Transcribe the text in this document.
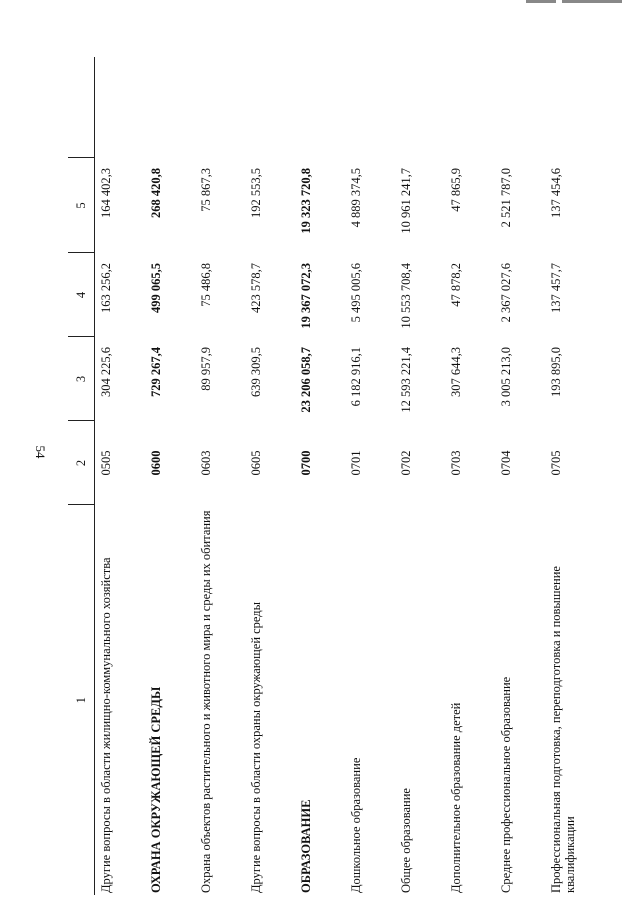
54
1	2	3	4	5	
Другие вопросы в области жилищно-коммунального хозяйства	0505	304 225,6	163 256,2	164 402,3	
ОХРАНА ОКРУЖАЮЩЕЙ СРЕДЫ	0600	729 267,4	499 065,5	268 420,8	
Охрана объектов растительного и животного мира и среды их обитания	0603	89 957,9	75 486,8	75 867,3	
Другие вопросы в области охраны окружающей среды	0605	639 309,5	423 578,7	192 553,5	
ОБРАЗОВАНИЕ	0700	23 206 058,7	19 367 072,3	19 323 720,8	
Дошкольное образование	0701	6 182 916,1	5 495 005,6	4 889 374,5	
Общее образование	0702	12 593 221,4	10 553 708,4	10 961 241,7	
Дополнительное образование детей	0703	307 644,3	47 878,2	47 865,9	
Среднее профессиональное образование	0704	3 005 213,0	2 367 027,6	2 521 787,0	
Профессиональная подготовка, переподготовка и повышение квалификации	0705	193 895,0	137 457,7	137 454,6	
